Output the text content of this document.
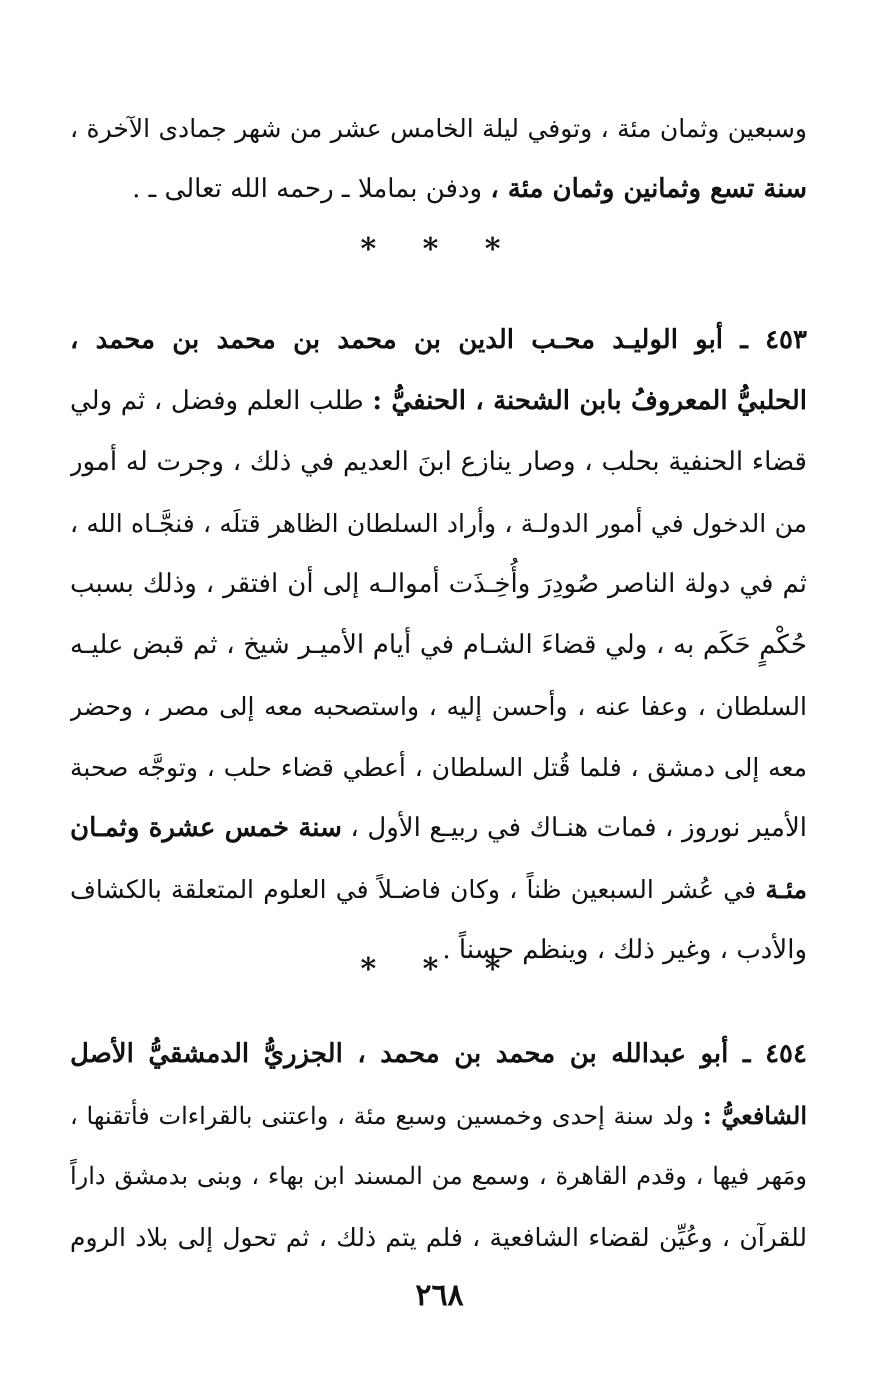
وسبعين وثمان مئة ، وتوفي ليلة الخامس عشر من شهر جمادى الآخرة ،
سنة تسع وثمانين وثمان مئة ، ودفن بماملا ـ رحمه الله تعالى ـ .
* * *
٤٥٣ ـ أبو الوليـد محـب الدين بن محمد بن محمد بن محمد ،
الحلبيُّ المعروفُ بابن الشحنة ، الحنفيُّ : طلب العلم وفضل ، ثم ولي
قضاء الحنفية بحلب ، وصار ينازع ابنَ العديم في ذلك ، وجرت له أمور
من الدخول في أمور الدولـة ، وأراد السلطان الظاهر قتلَه ، فنجَّـاه الله ،
ثم في دولة الناصر صُودِرَ وأُخِـذَت أموالـه إلى أن افتقر ، وذلك بسبب
حُكْمٍ حَكَم به ، ولي قضاءَ الشـام في أيام الأميـر شيخ ، ثم قبض عليـه
السلطان ، وعفا عنه ، وأحسن إليه ، واستصحبه معه إلى مصر ، وحضر
معه إلى دمشق ، فلما قُتل السلطان ، أعطي قضاء حلب ، وتوجَّه صحبة
الأمير نوروز ، فمات هنـاك في ربيـع الأول ، سنة خمس عشرة وثمـان
مئـة في عُشر السبعين ظناً ، وكان فاضـلاً في العلوم المتعلقة بالكشاف
والأدب ، وغير ذلك ، وينظم حسناً .
* * *
٤٥٤ ـ أبو عبدالله بن محمد بن محمد ، الجزريُّ الدمشقيُّ الأصل
الشافعيُّ : ولد سنة إحدى وخمسين وسبع مئة ، واعتنى بالقراءات فأتقنها ،
ومَهر فيها ، وقدم القاهرة ، وسمع من المسند ابن بهاء ، وبنى بدمشق داراً
للقرآن ، وعُيِّن لقضاء الشافعية ، فلم يتم ذلك ، ثم تحول إلى بلاد الروم
٢٦٨
